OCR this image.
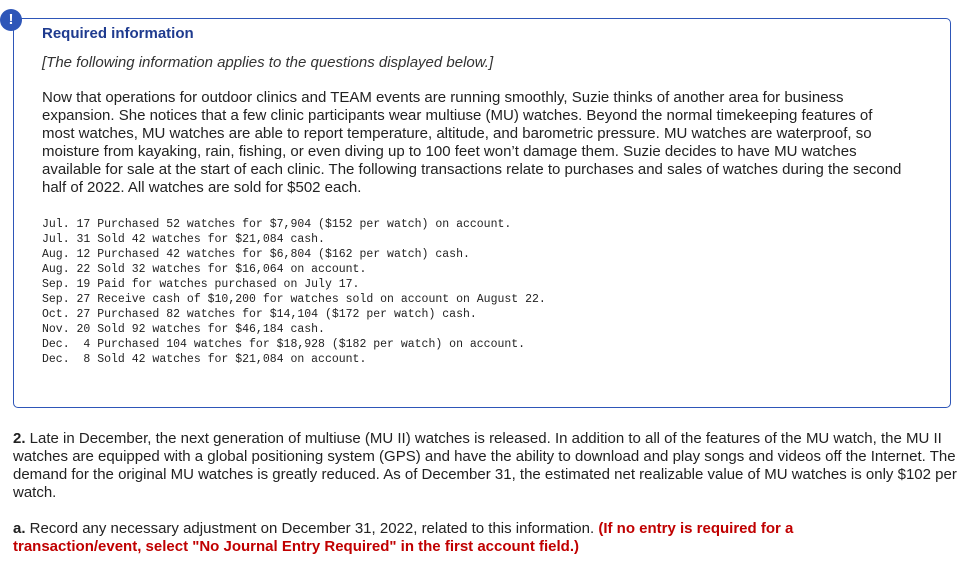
!
Required information

[The following information applies to the questions displayed below.]

Now that operations for outdoor clinics and TEAM events are running smoothly, Suzie thinks of another area for business expansion. She notices that a few clinic participants wear multiuse (MU) watches. Beyond the normal timekeeping features of most watches, MU watches are able to report temperature, altitude, and barometric pressure. MU watches are waterproof, so moisture from kayaking, rain, fishing, or even diving up to 100 feet won’t damage them. Suzie decides to have MU watches available for sale at the start of each clinic. The following transactions relate to purchases and sales of watches during the second half of 2022. All watches are sold for $502 each.

Jul. 17 Purchased 52 watches for $7,904 ($152 per watch) on account.
Jul. 31 Sold 42 watches for $21,084 cash.
Aug. 12 Purchased 42 watches for $6,804 ($162 per watch) cash.
Aug. 22 Sold 32 watches for $16,064 on account.
Sep. 19 Paid for watches purchased on July 17.
Sep. 27 Receive cash of $10,200 for watches sold on account on August 22.
Oct. 27 Purchased 82 watches for $14,104 ($172 per watch) cash.
Nov. 20 Sold 92 watches for $46,184 cash.
Dec.  4 Purchased 104 watches for $18,928 ($182 per watch) on account.
Dec.  8 Sold 42 watches for $21,084 on account.

2. Late in December, the next generation of multiuse (MU II) watches is released. In addition to all of the features of the MU watch, the MU II watches are equipped with a global positioning system (GPS) and have the ability to download and play songs and videos off the Internet. The demand for the original MU watches is greatly reduced. As of December 31, the estimated net realizable value of MU watches is only $102 per watch.

a. Record any necessary adjustment on December 31, 2022, related to this information. (If no entry is required for a transaction/event, select "No Journal Entry Required" in the first account field.)
